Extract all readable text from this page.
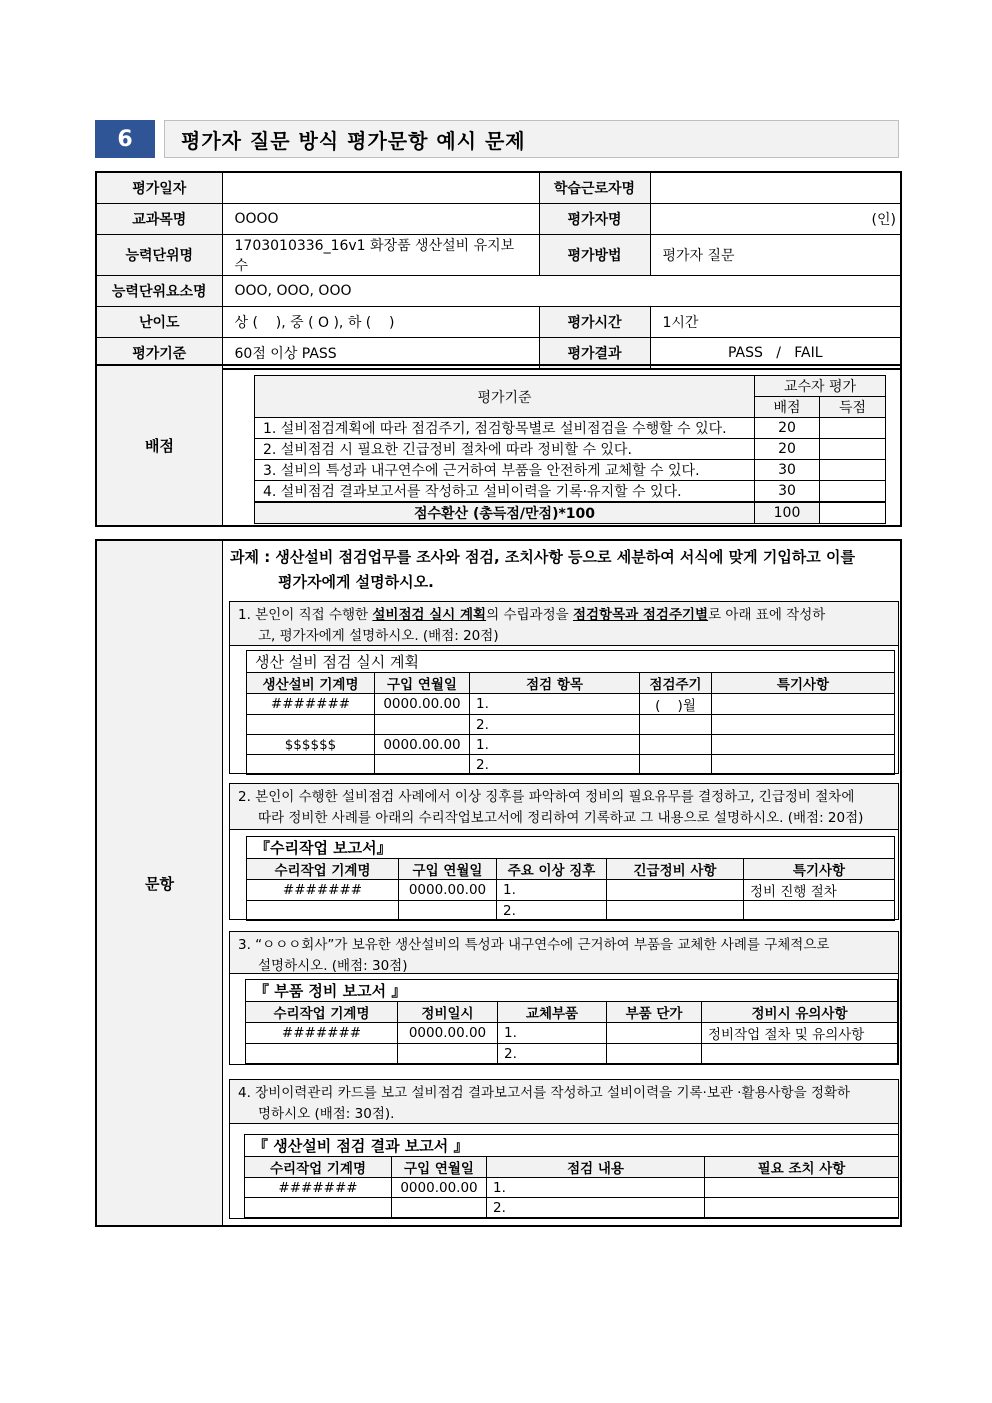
6	평가자 질문 방식 평가문항 예시 문제
평가일자		학습근로자명	
교과목명	OOOO	평가자명	(인)
능력단위명	1703010336_16v1 화장품 생산설비 유지보수	평가방법	평가자 질문
능력단위요소명	OOO, OOO, OOO		
난이도	상 (    ), 중 ( O ), 하 (    )	평가시간	1시간
평가기준	60점 이상 PASS	평가결과	PASS   /   FAIL
배점
평가기준	교수자 평가	
	배점	득점
1. 설비점검계획에 따라 점검주기, 점검항목별로 설비점검을 수행할 수 있다.	20	
2. 설비점검 시 필요한 긴급정비 절차에 따라 정비할 수 있다.	20	
3. 설비의 특성과 내구연수에 근거하여 부품을 안전하게 교체할 수 있다.	30	
4. 설비점검 결과보고서를 작성하고 설비이력을 기록·유지할 수 있다.	30	
점수환산 (총득점/만점)*100	100	
문항
과제 : 생산설비 점검업무를 조사와 점검, 조치사항 등으로 세분하여 서식에 맞게 기입하고 이를
평가자에게 설명하시오.
1. 본인이 직접 수행한 설비점검 실시 계획의 수립과정을 점검항목과 점검주기별로 아래 표에 작성하
고, 평가자에게 설명하시오. (배점: 20점)
생산 설비 점검 실시 계획				
생산설비 기계명	구입 연월일	점검 항목	점검주기	특기사항
#######	0000.00.00	1.	(    )월	
		2.		
$$$$$$	0000.00.00	1.		
		2.		
2. 본인이 수행한 설비점검 사례에서 이상 징후를 파악하여 정비의 필요유무를 결정하고, 긴급정비 절차에
따라 정비한 사례를 아래의 수리작업보고서에 정리하여 기록하교 그 내용으로 설명하시오. (배점: 20점)
『수리작업 보고서』				
수리작업 기계명	구입 연월일	주요 이상 징후	긴급정비 사항	특기사항
#######	0000.00.00	1.		정비 진행 절차
		2.		
3. “ㅇㅇㅇ회사”가 보유한 생산설비의 특성과 내구연수에 근거하여 부품을 교체한 사례를 구체적으로
설명하시오. (배점: 30점)
『 부품 정비 보고서 』				
수리작업 기계명	정비일시	교체부품	부품 단가	정비시 유의사항
#######	0000.00.00	1.		정비작업 절차 및 유의사항
		2.		
4. 장비이력관리 카드를 보고 설비점검 결과보고서를 작성하고 설비이력을 기록·보관 ·활용사항을 정확하
명하시오 (배점: 30점).
『 생산설비 점검 결과 보고서 』			
수리작업 기계명	구입 연월일	점검 내용	필요 조치 사항
#######	0000.00.00	1.	
		2.	
